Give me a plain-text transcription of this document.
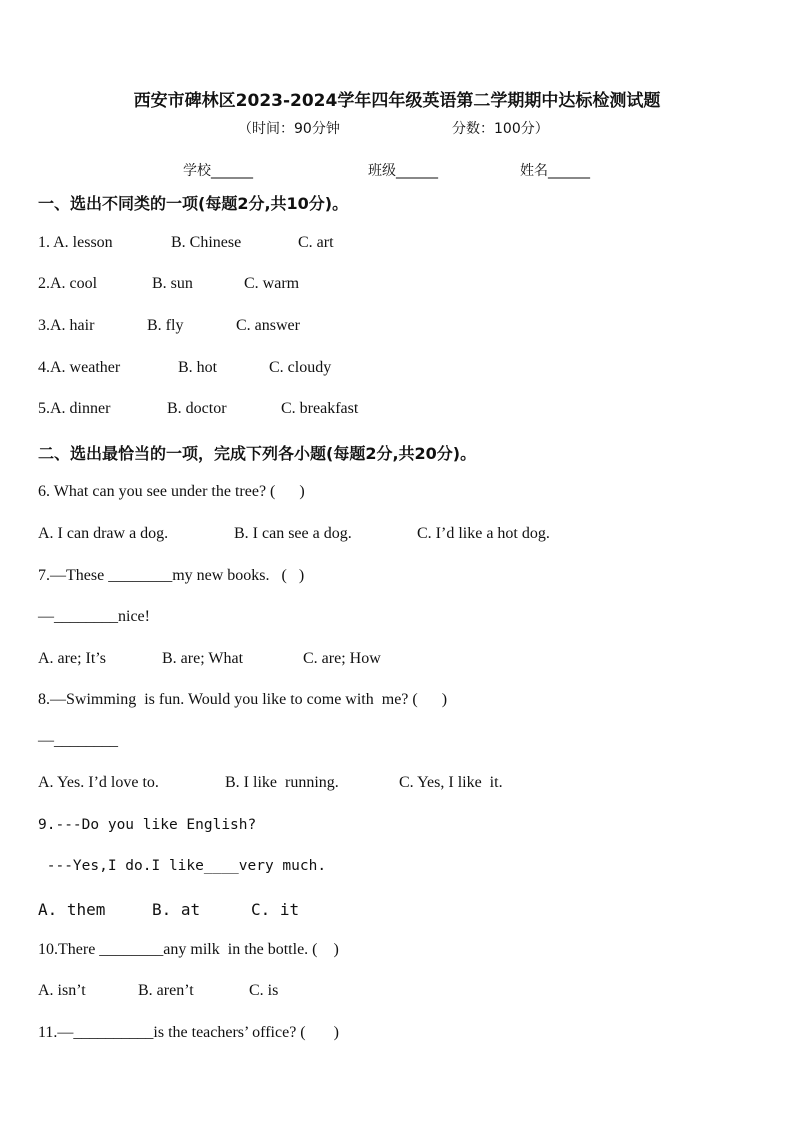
西安市碑林区2023-2024学年四年级英语第二学期期中达标检测试题
（时间：90分钟	分数：100分）
学校______	班级______	姓名______
一、选出不同类的一项(每题2分,共10分)。

1. A. lesson

	B. Chinese

	C. art

2.A. cool

	B. sun

	C. warm

3.A. hair

	B. fly

	C. answer

4.A. weather

	B. hot

	C. cloudy

5.A. dinner

	B. doctor

	C. breakfast

二、选出最恰当的一项，完成下列各小题(每题2分,共20分)。
6. What can you see under the tree? (      )

A. I can draw a dog.

	B. I can see a dog.

	C. I’d like a hot dog.

7.—These ________my new books.   (   )
—________nice!

A. are; It’s

	B. are; What

	C. are; How

8.—Swimming  is fun. Would you like to come with  me? (      )
—________

A. Yes. I’d love to.

	B. I like  running.

	C. Yes, I like  it.

9.---Do you like English?
---Yes,I do.I like____very much.

A. them

	B. at

	C. it

10.There ________any milk  in the bottle. (    )

A. isn’t

	B. aren’t

	C. is

11.—__________is the teachers’ office? (       )
